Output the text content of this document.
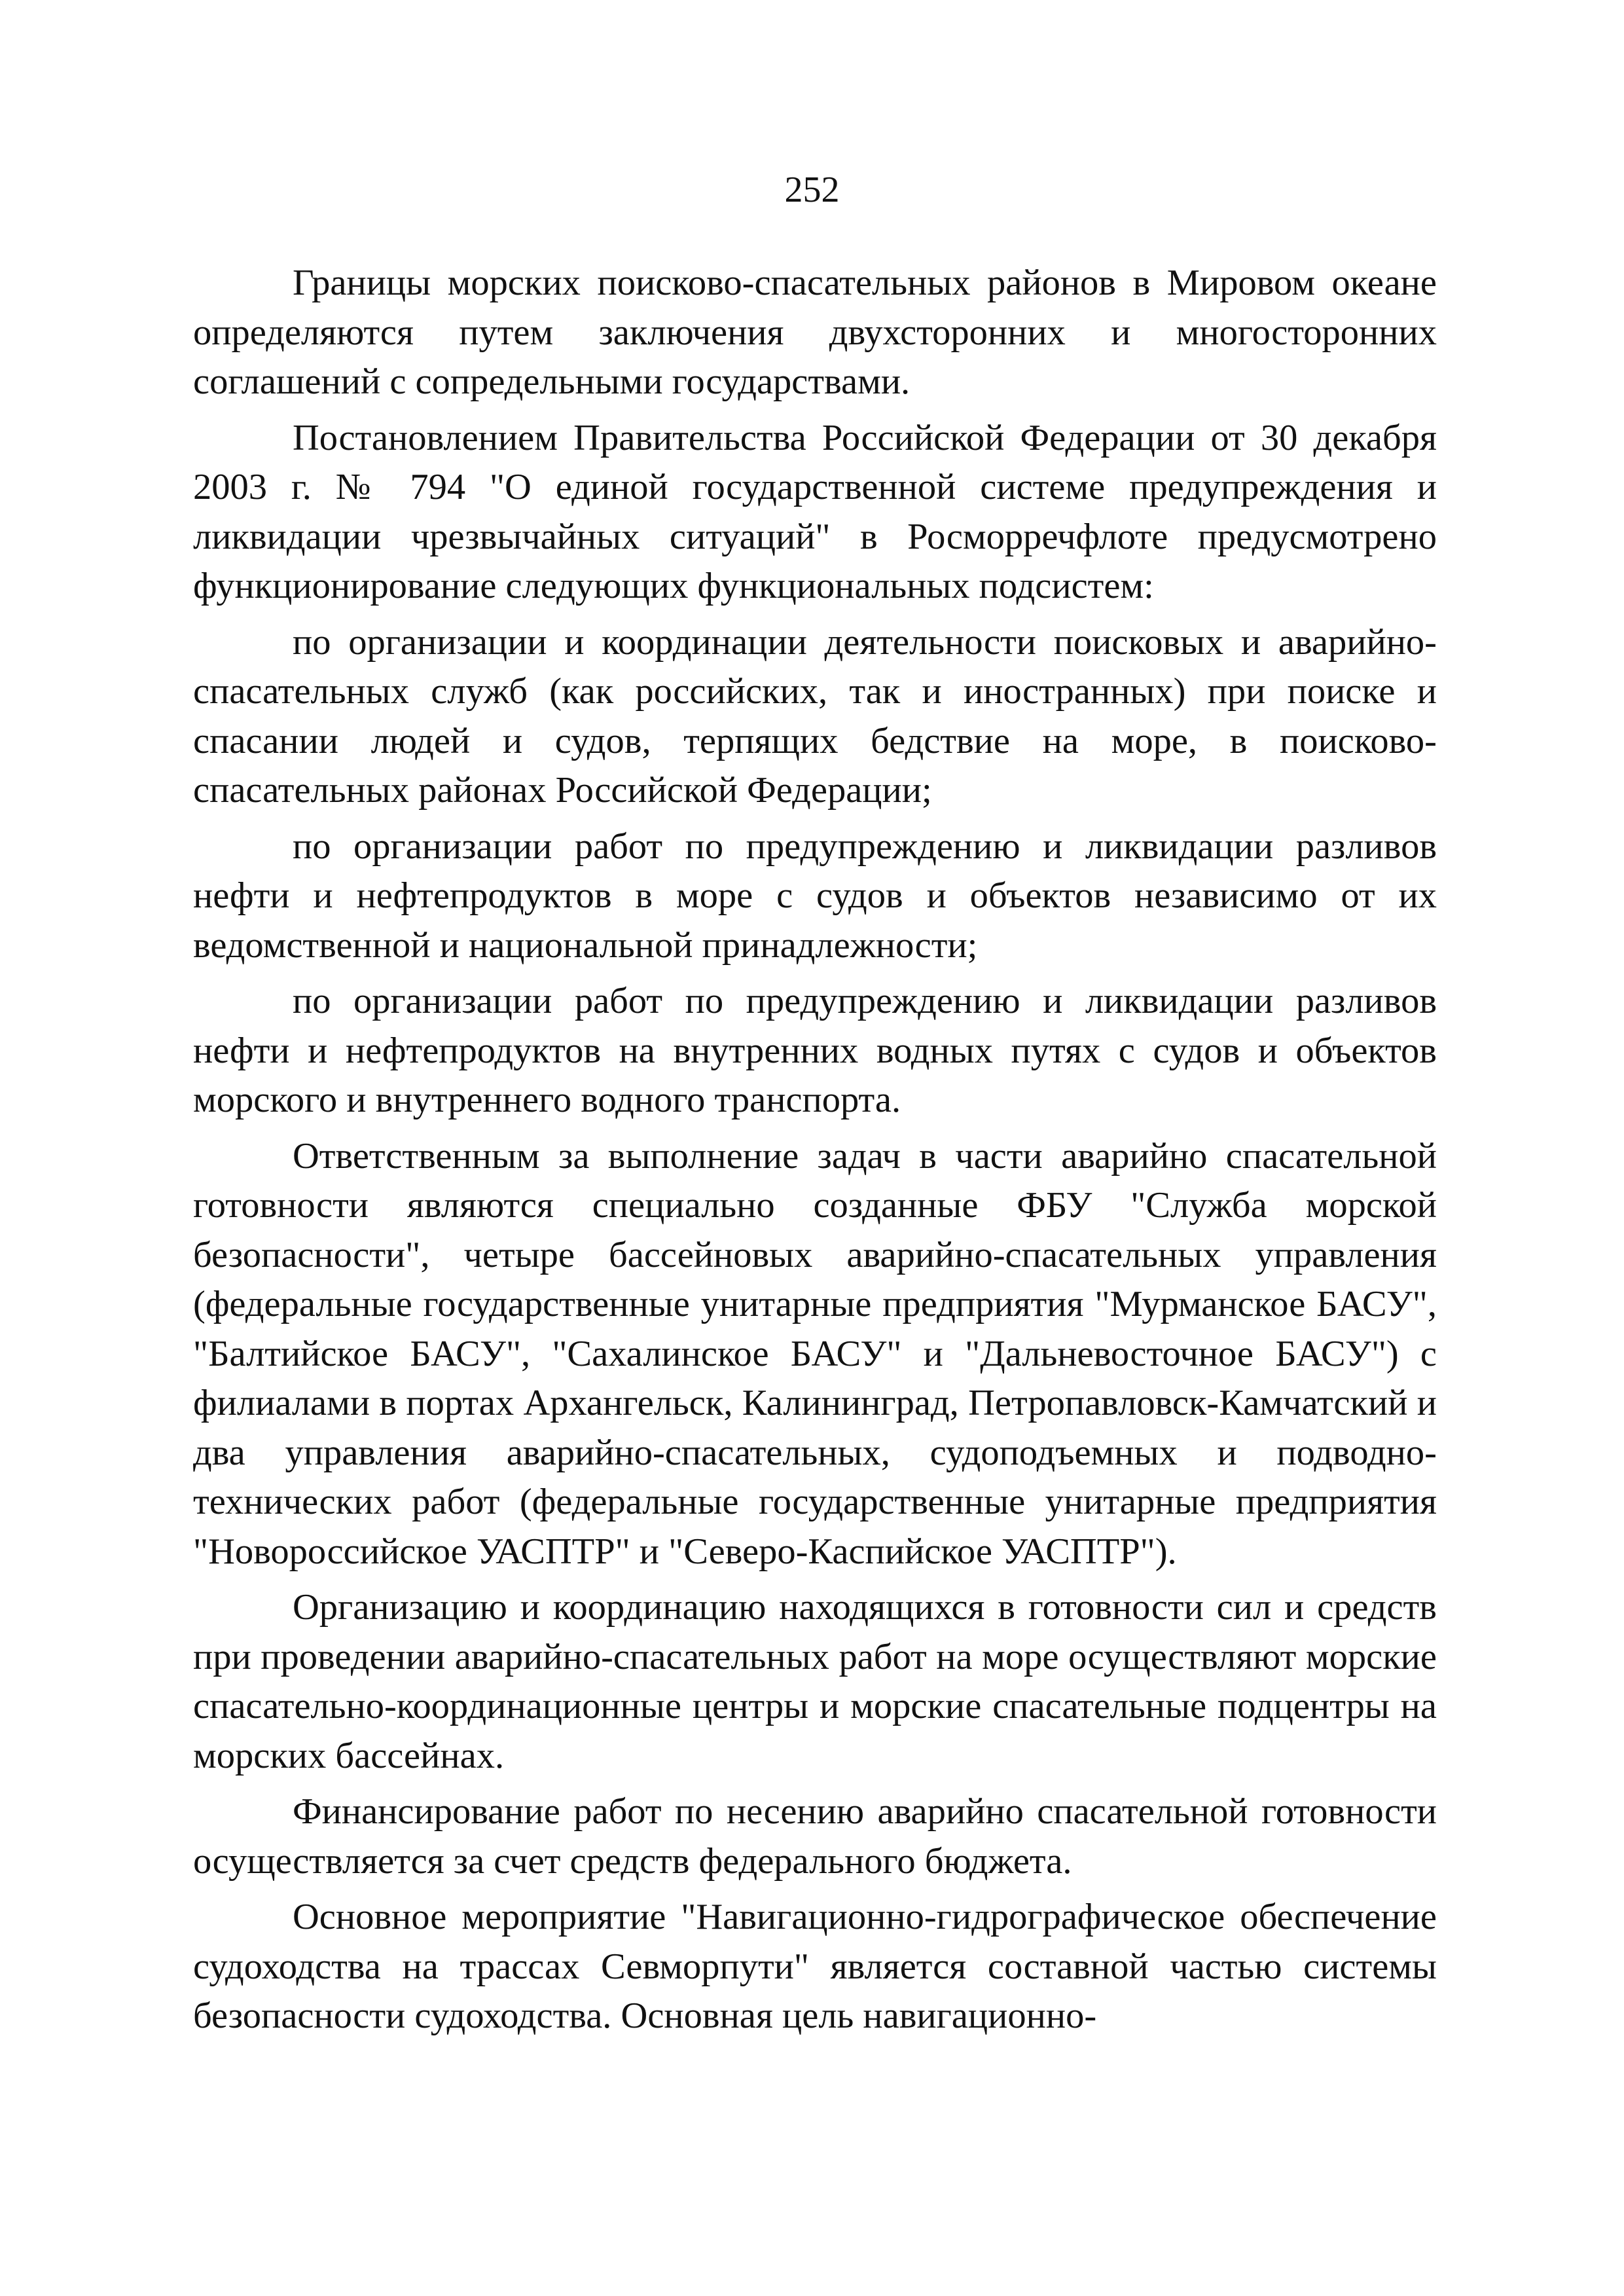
252

Границы морских поисково-спасательных районов в Мировом океане определяются путем заключения двухсторонних и многосторонних соглашений с сопредельными государствами.

Постановлением Правительства Российской Федерации от 30 декабря 2003 г. № 794 "О единой государственной системе предупреждения и ликвидации чрезвычайных ситуаций" в Росморречфлоте предусмотрено функционирование следующих функциональных подсистем:

по организации и координации деятельности поисковых и аварийно-спасательных служб (как российских, так и иностранных) при поиске и спасании людей и судов, терпящих бедствие на море, в поисково-спасательных районах Российской Федерации;

по организации работ по предупреждению и ликвидации разливов нефти и нефтепродуктов в море с судов и объектов независимо от их ведомственной и национальной принадлежности;

по организации работ по предупреждению и ликвидации разливов нефти и нефтепродуктов на внутренних водных путях с судов и объектов морского и внутреннего водного транспорта.

Ответственным за выполнение задач в части аварийно спасательной готовности являются специально созданные ФБУ "Служба морской безопасности", четыре бассейновых аварийно-спасательных управления (федеральные государственные унитарные предприятия "Мурманское БАСУ", "Балтийское БАСУ", "Сахалинское БАСУ" и "Дальневосточное БАСУ") с филиалами в портах Архангельск, Калининград, Петропавловск-Камчатский и два управления аварийно-спасательных, судоподъемных и подводно-технических работ (федеральные государственные унитарные предприятия "Новороссийское УАСПТР" и "Северо-Каспийское УАСПТР").

Организацию и координацию находящихся в готовности сил и средств при проведении аварийно-спасательных работ на море осуществляют морские спасательно-координационные центры и морские спасательные подцентры на морских бассейнах.

Финансирование работ по несению аварийно спасательной готовности осуществляется за счет средств федерального бюджета.

Основное мероприятие "Навигационно-гидрографическое обеспечение судоходства на трассах Севморпути" является составной частью системы безопасности судоходства. Основная цель навигационно-
